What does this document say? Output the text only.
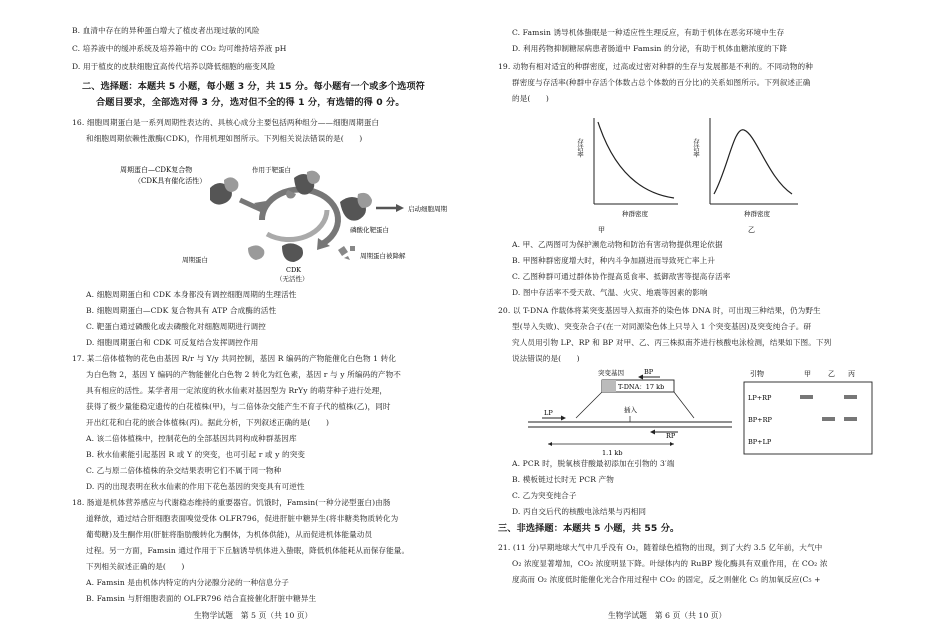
B. 血清中存在的异种蛋白增大了植皮者出现过敏的风险
C. 培养液中的缓冲系统及培养箱中的 CO₂ 均可维持培养液 pH
D. 用于植皮的皮肤细胞宜高传代培养以降低细胞的癌变风险
二、选择题：本题共 5 小题，每小题 3 分，共 15 分。每小题有一个或多个选项符
合题目要求，全部选对得 3 分，选对但不全的得 1 分，有选错的得 0 分。
16. 细胞周期蛋白是一系列周期性表达的、具核心成分主要包括两种组分——细胞周期蛋白
和细胞周期依赖性激酶(CDK)，作用机理如图所示。下列相关说法错误的是(　　)
周期蛋白—CDK复合物
（CDK具有催化活性）
作用于靶蛋白
启动细胞周期
磷酸化靶蛋白
周期蛋白
CDK
（无活性）
周期蛋白被降解
A. 细胞周期蛋白和 CDK 本身都没有调控细胞周期的生理活性
B. 细胞周期蛋白—CDK 复合物具有 ATP 合成酶的活性
C. 靶蛋白通过磷酸化或去磷酸化对细胞周期进行调控
D. 细胞周期蛋白和 CDK 可反复结合发挥调控作用
17. 某二倍体植物的花色由基因 R/r 与 Y/y 共同控制，基因 R 编码的产物能催化白色物 1 转化
为白色物 2，基因 Y 编码的产物能催化白色物 2 转化为红色素，基因 r 与 y 所编码的产物不
具有相应的活性。某学者用一定浓度的秋水仙素对基因型为 RrYy 的萌芽种子进行处理，
获得了极少量能稳定遗传的白花植株(甲)，与二倍体杂交能产生不育子代的植株(乙)，同时
开出红花和白花的嵌合体植株(丙)。据此分析，下列叙述正确的是(　　)
A. 该二倍体植株中，控制花色的全部基因共同构成种群基因库
B. 秋水仙素能引起基因 R 或 Y 的突变，也可引起 r 或 y 的突变
C. 乙与原二倍体植株的杂交结果表明它们不属于同一物种
D. 丙的出现表明在秋水仙素的作用下花色基因的突变具有可逆性
18. 肠道是机体营养感应与代谢稳态维持的重要器官。饥饿时，Famsin(一种分泌型蛋白)由肠
道释放，通过结合肝细胞表面嗅觉受体 OLFR796，促进肝脏中糖异生(将非糖类物质转化为
葡萄糖)及生酮作用(肝脏将脂肪酸转化为酮体，为机体供能)，从而促进机体能量动员
过程。另一方面，Famsin 通过作用于下丘脑诱导机体进入蛰眠，降低机体能耗从而保存能量。
下列相关叙述正确的是(　　)
A. Famsin 是由机体内特定的内分泌腺分泌的一种信息分子
B. Famsin 与肝细胞表面的 OLFR796 结合直接催化肝脏中糖异生
生物学试题　第 5 页（共 10 页）
C. Famsin 诱导机体蛰眠是一种适应性生理反应，有助于机体在恶劣环境中生存
D. 利用药物抑制糖尿病患者肠道中 Famsin 的分泌，有助于机体血糖浓度的下降
19. 动物有相对适宜的种群密度，过高或过密对种群的生存与发展都是不利的。不同动物的种
群密度与存活率(种群中存活个体数占总个体数的百分比)的关系如图所示。下列叙述正确
的是(　　)
存活率
种群密度
甲
存活率
种群密度
乙
A. 甲、乙两图可为保护濒危动物和防治有害动物提供理论依据
B. 甲图种群密度增大时，种内斗争加剧进而导致死亡率上升
C. 乙图种群可通过群体协作提高觅食率、抵御敌害等提高存活率
D. 图中存活率不受天敌、气温、火灾、地震等因素的影响
20. 以 T-DNA 作载体将某突变基因导入拟南芥的染色体 DNA 时，可出现三种结果，仍为野生
型(导入失败)、突变杂合子(在一对同源染色体上只导入 1 个突变基因)及突变纯合子。研
究人员用引物 LP、RP 和 BP 对甲、乙、丙三株拟南芥进行核酸电泳检测，结果如下图。下列
说法错误的是(　　)
突变基因	BP
T-DNA：17 kb
插入
LP
RP
1.1 kb
引物	甲 乙 丙
LP+RP
BP+RP
BP+LP
A. PCR 时，脱氧核苷酸最初添加在引物的 3′端
B. 模板链过长时无 PCR 产物
C. 乙为突变纯合子
D. 丙自交后代的核酸电泳结果与丙相同
三、非选择题：本题共 5 小题，共 55 分。
21. (11 分)早期地球大气中几乎没有 O₂，随着绿色植物的出现，到了大约 3.5 亿年前，大气中
O₂ 浓度显著增加，CO₂ 浓度明显下降。叶绿体内的 RuBP 羧化酶具有双重作用，在 CO₂ 浓
度高而 O₂ 浓度低时能催化光合作用过程中 CO₂ 的固定，反之则催化 C₅ 的加氧反应(C₅ +
生物学试题　第 6 页（共 10 页）
